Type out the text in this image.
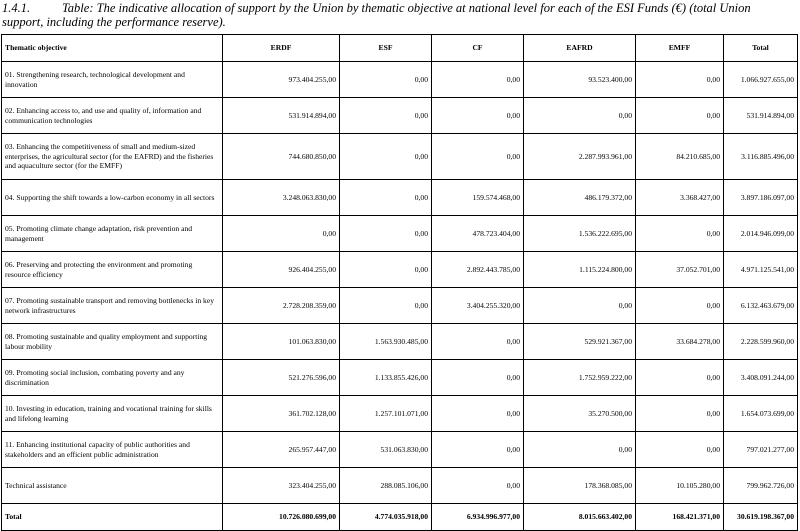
1.4.1.	Table: The indicative allocation of support by the Union by thematic objective at national level for each of the ESI Funds (€) (total Union support, including the performance reserve).
Thematic objective	ERDF	ESF	CF	EAFRD	EMFF	Total
01. Strengthening research, technological development and innovation	973.404.255,00	0,00	0,00	93.523.400,00	0,00	1.066.927.655,00
02. Enhancing access to, and use and quality of, information and communication technologies	531.914.894,00	0,00	0,00	0,00	0,00	531.914.894,00
03. Enhancing the competitiveness of small and medium-sized enterprises, the agricultural sector (for the EAFRD) and the fisheries and aquaculture sector (for the EMFF)	744.680.850,00	0,00	0,00	2.287.993.961,00	84.210.685,00	3.116.885.496,00
04. Supporting the shift towards a low-carbon economy in all sectors	3.248.063.830,00	0,00	159.574.468,00	486.179.372,00	3.368.427,00	3.897.186.097,00
05. Promoting climate change adaptation, risk prevention and management	0,00	0,00	478.723.404,00	1.536.222.695,00	0,00	2.014.946.099,00
06. Preserving and protecting the environment and promoting resource efficiency	926.404.255,00	0,00	2.892.443.785,00	1.115.224.800,00	37.052.701,00	4.971.125.541,00
07. Promoting sustainable transport and removing bottlenecks in key network infrastructures	2.728.208.359,00	0,00	3.404.255.320,00	0,00	0,00	6.132.463.679,00
08. Promoting sustainable and quality employment and supporting labour mobility	101.063.830,00	1.563.930.485,00	0,00	529.921.367,00	33.684.278,00	2.228.599.960,00
09. Promoting social inclusion, combating poverty and any discrimination	521.276.596,00	1.133.855.426,00	0,00	1.752.959.222,00	0,00	3.408.091.244,00
10. Investing in education, training and vocational training for skills and lifelong learning	361.702.128,00	1.257.101.071,00	0,00	35.270.500,00	0,00	1.654.073.699,00
11. Enhancing institutional capacity of public authorities and stakeholders and an efficient public administration	265.957.447,00	531.063.830,00	0,00	0,00	0,00	797.021.277,00
Technical assistance	323.404.255,00	288.085.106,00	0,00	178.368.085,00	10.105.280,00	799.962.726,00
Total	10.726.080.699,00	4.774.035.918,00	6.934.996.977,00	8.015.663.402,00	168.421.371,00	30.619.198.367,00
